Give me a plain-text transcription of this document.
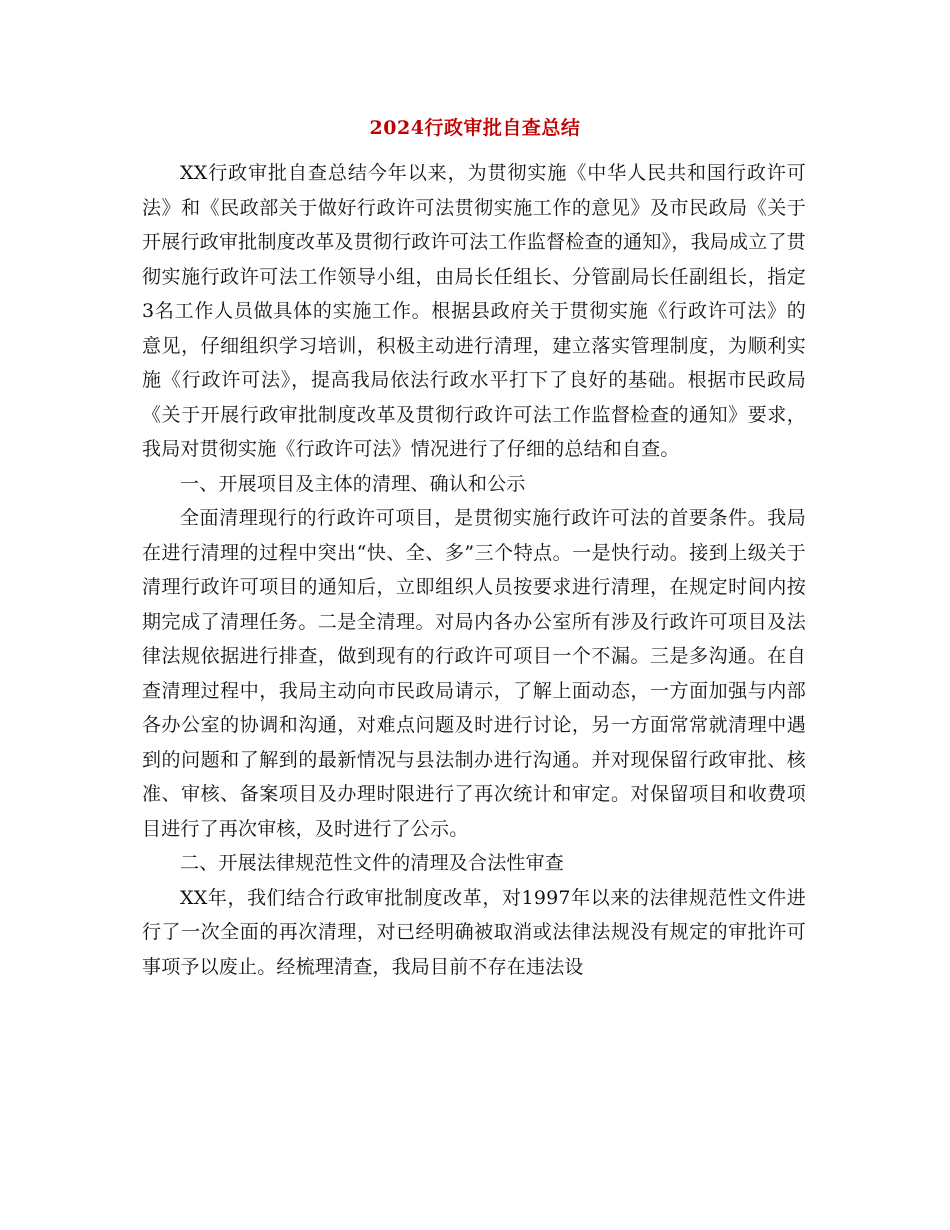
2024行政审批自查总结

XX行政审批自查总结今年以来，为贯彻实施《中华人民共和国行政许可法》和《民政部关于做好行政许可法贯彻实施工作的意见》及市民政局《关于开展行政审批制度改革及贯彻行政许可法工作监督检查的通知》，我局成立了贯彻实施行政许可法工作领导小组，由局长任组长、分管副局长任副组长，指定3名工作人员做具体的实施工作。根据县政府关于贯彻实施《行政许可法》的意见，仔细组织学习培训，积极主动进行清理，建立落实管理制度，为顺利实施《行政许可法》，提高我局依法行政水平打下了良好的基础。根据市民政局《关于开展行政审批制度改革及贯彻行政许可法工作监督检查的通知》要求，我局对贯彻实施《行政许可法》情况进行了仔细的总结和自查。

一、开展项目及主体的清理、确认和公示

全面清理现行的行政许可项目，是贯彻实施行政许可法的首要条件。我局在进行清理的过程中突出“快、全、多”三个特点。一是快行动。接到上级关于清理行政许可项目的通知后，立即组织人员按要求进行清理，在规定时间内按期完成了清理任务。二是全清理。对局内各办公室所有涉及行政许可项目及法律法规依据进行排查，做到现有的行政许可项目一个不漏。三是多沟通。在自查清理过程中，我局主动向市民政局请示，了解上面动态，一方面加强与内部各办公室的协调和沟通，对难点问题及时进行讨论，另一方面常常就清理中遇到的问题和了解到的最新情况与县法制办进行沟通。并对现保留行政审批、核准、审核、备案项目及办理时限进行了再次统计和审定。对保留项目和收费项目进行了再次审核，及时进行了公示。

二、开展法律规范性文件的清理及合法性审查

XX年，我们结合行政审批制度改革，对1997年以来的法律规范性文件进行了一次全面的再次清理，对已经明确被取消或法律法规没有规定的审批许可事项予以废止。经梳理清查，我局目前不存在违法设
